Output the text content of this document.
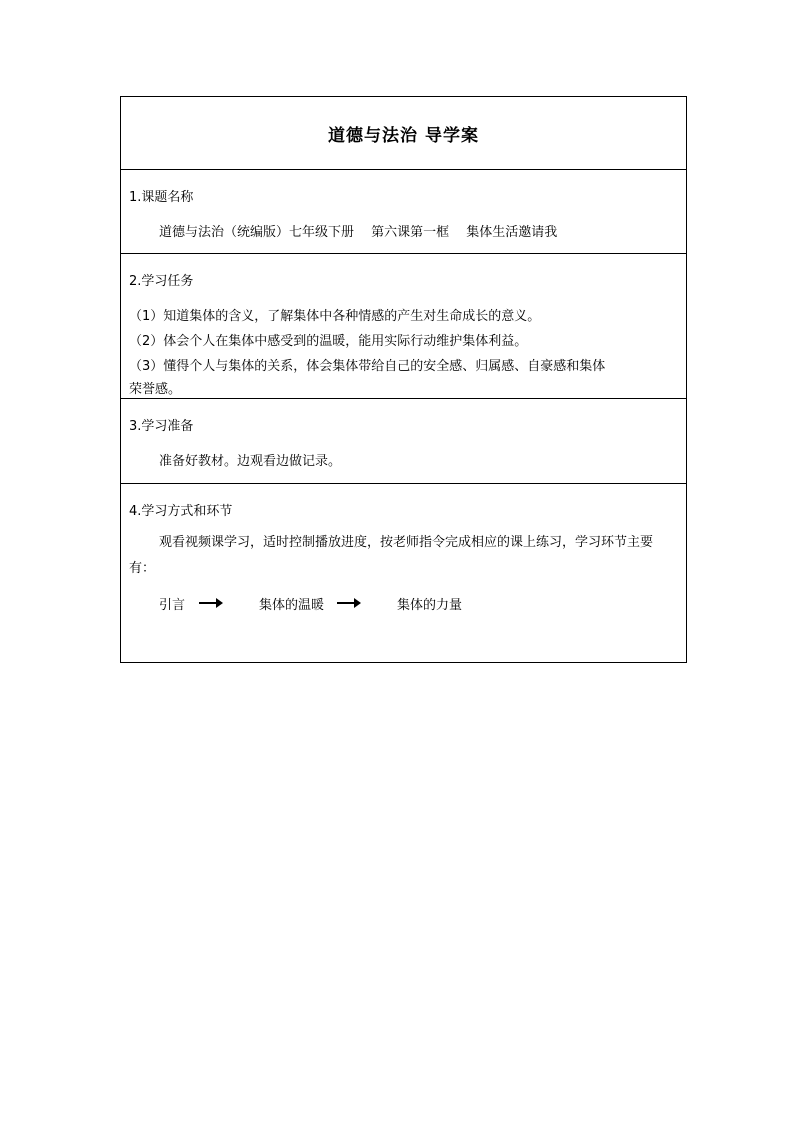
道德与法治 导学案
1.课题名称
道德与法治（统编版）七年级下册　 第六课第一框　 集体生活邀请我
2.学习任务
（1）知道集体的含义，了解集体中各种情感的产生对生命成长的意义。
（2）体会个人在集体中感受到的温暖，能用实际行动维护集体利益。
（3）懂得个人与集体的关系，体会集体带给自己的安全感、归属感、自豪感和集体
荣誉感。
3.学习准备
准备好教材。边观看边做记录。
4.学习方式和环节
观看视频课学习，适时控制播放进度，按老师指令完成相应的课上练习，学习环节主要有：
引言	集体的温暖	集体的力量
